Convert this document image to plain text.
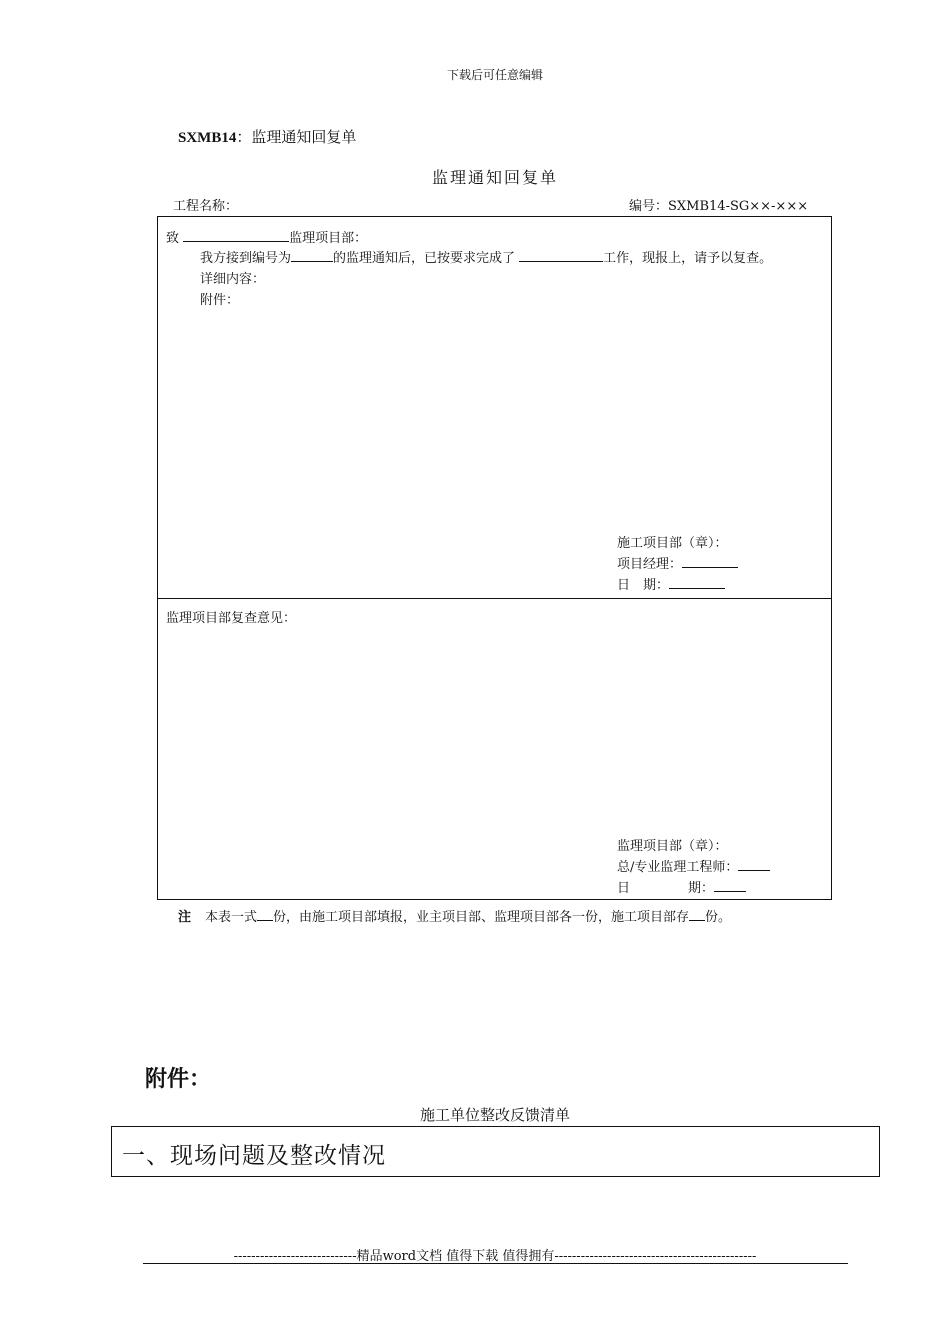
下载后可任意编辑
SXMB14：监理通知回复单
监理通知回复单
工程名称：	编号：SXMB14-SG××-×××
致	监理项目部：
我方接到编号为	的监理通知后，已按要求完成了	工作，现报上，请予以复查。
详细内容：
附件：
施工项目部（章）：
项目经理：
日　期：
监理项目部复查意见：
监理项目部（章）：
总/专业监理工程师：
日	期：
注 本表一式 份，由施工项目部填报，业主项目部、监理项目部各一份，施工项目部存 份。
附件：
施工单位整改反馈清单
一、现场问题及整改情况
----------------------------精品word文档 值得下载 值得拥有----------------------------------------------
